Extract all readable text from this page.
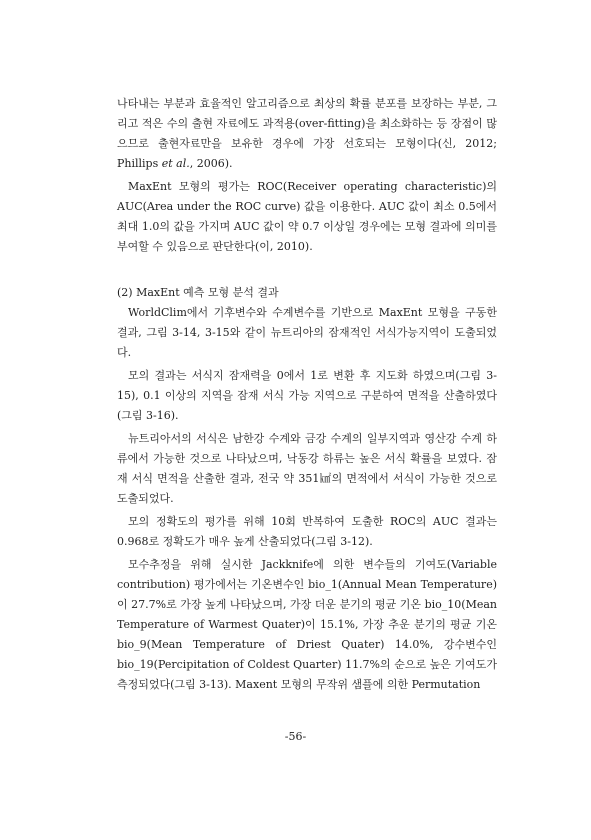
나타내는 부분과 효율적인 알고리즘으로 최상의 확률 분포를 보장하는 부분, 그리고 적은 수의 출현 자료에도 과적용(over-fitting)을 최소화하는 등 장점이 많으므로 출현자료만을 보유한 경우에 가장 선호되는 모형이다(신, 2012; Phillips et al., 2006).

MaxEnt 모형의 평가는 ROC(Receiver operating characteristic)의 AUC(Area under the ROC curve) 값을 이용한다. AUC 값이 최소 0.5에서 최대 1.0의 값을 가지며 AUC 값이 약 0.7 이상일 경우에는 모형 결과에 의미를 부여할 수 있음으로 판단한다(이, 2010).

(2) MaxEnt 예측 모형 분석 결과

WorldClim에서 기후변수와 수계변수를 기반으로 MaxEnt 모형을 구동한 결과, 그림 3-14, 3-15와 같이 뉴트리아의 잠재적인 서식가능지역이 도출되었다.

모의 결과는 서식지 잠재력을 0에서 1로 변환 후 지도화 하였으며(그림 3-15), 0.1 이상의 지역을 잠재 서식 가능 지역으로 구분하여 면적을 산출하였다(그림 3-16).

뉴트리아서의 서식은 남한강 수계와 금강 수계의 일부지역과 영산강 수계 하류에서 가능한 것으로 나타났으며, 낙동강 하류는 높은 서식 확률을 보였다. 잠재 서식 면적을 산출한 결과, 전국 약 351㎢의 면적에서 서식이 가능한 것으로 도출되었다.

모의 정확도의 평가를 위해 10회 반복하여 도출한 ROC의 AUC 결과는 0.968로 정확도가 매우 높게 산출되었다(그림 3-12).

모수추정을 위해 실시한 Jackknife에 의한 변수들의 기여도(Variable contribution) 평가에서는 기온변수인 bio_1(Annual Mean Temperature)이 27.7%로 가장 높게 나타났으며, 가장 더운 분기의 평균 기온 bio_10(Mean Temperature of Warmest Quater)이 15.1%, 가장 추운 분기의 평균 기온 bio_9(Mean Temperature of Driest Quater) 14.0%, 강수변수인 bio_19(Percipitation of Coldest Quarter) 11.7%의 순으로 높은 기여도가 측정되었다(그림 3-13). Maxent 모형의 무작위 샘플에 의한 Permutation

-56-
